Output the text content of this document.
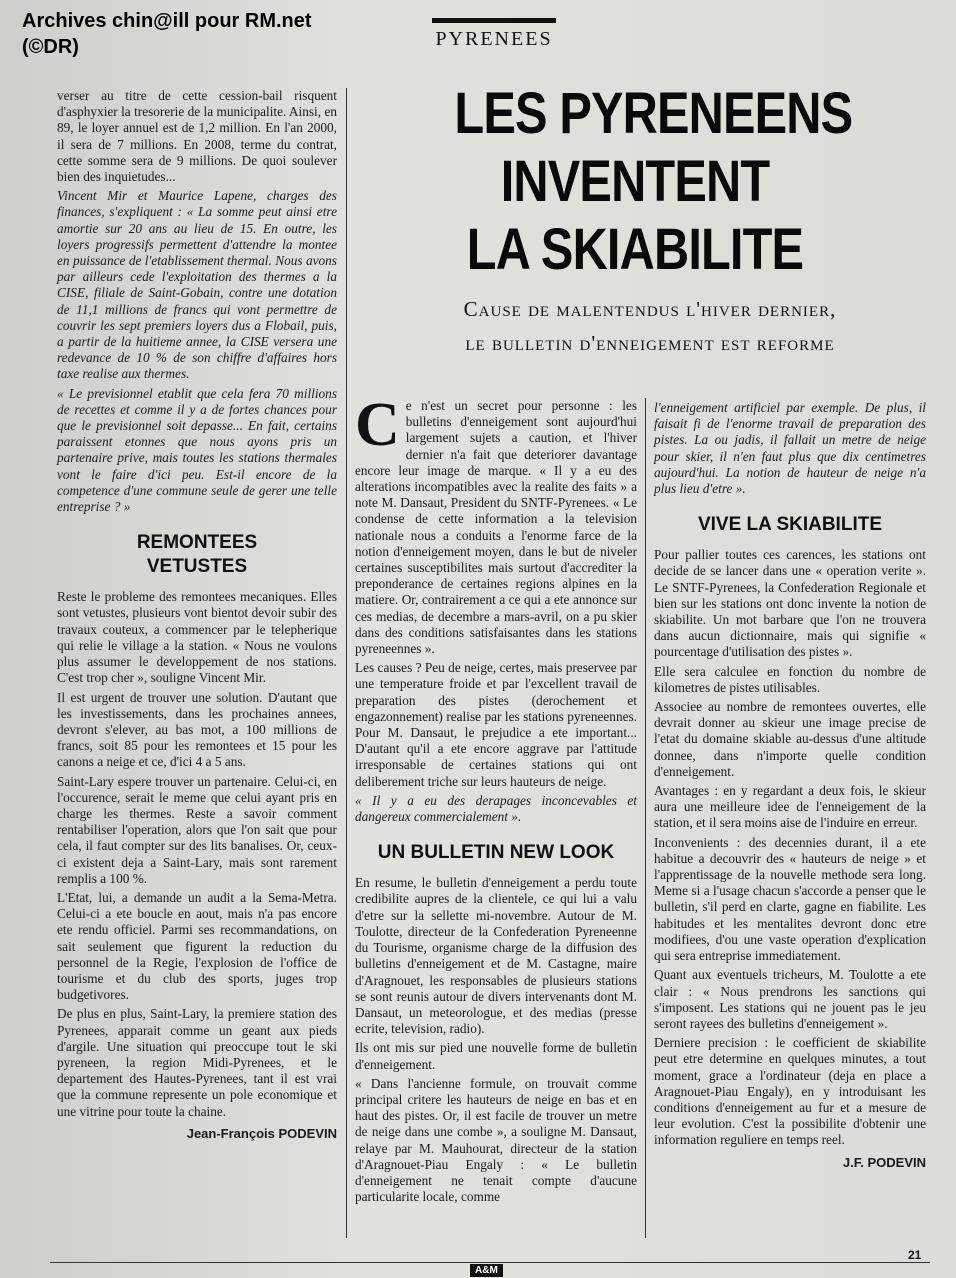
Archives chin@ill pour RM.net
(©DR)	PYRENEES
LES PYRENEENS
INVENTENT
LA SKIABILITE
Cause de malentendus l'hiver dernier,
le bulletin d'enneigement est reforme

verser au titre de cette cession-bail risquent d'asphyxier la tresorerie de la municipalite. Ainsi, en 89, le loyer annuel est de 1,2 million. En l'an 2000, il sera de 7 millions. En 2008, terme du contrat, cette somme sera de 9 millions. De quoi soulever bien des inquietudes...

Vincent Mir et Maurice Lapene, charges des finances, s'expliquent : « La somme peut ainsi etre amortie sur 20 ans au lieu de 15. En outre, les loyers progressifs permettent d'attendre la montee en puissance de l'etablissement thermal. Nous avons par ailleurs cede l'exploitation des thermes a la CISE, filiale de Saint-Gobain, contre une dotation de 11,1 millions de francs qui vont permettre de couvrir les sept premiers loyers dus a Flobail, puis, a partir de la huitieme annee, la CISE versera une redevance de 10 % de son chiffre d'affaires hors taxe realise aux thermes.

« Le previsionnel etablit que cela fera 70 millions de recettes et comme il y a de fortes chances pour que le previsionnel soit depasse... En fait, certains paraissent etonnes que nous ayons pris un partenaire prive, mais toutes les stations thermales vont le faire d'ici peu. Est-il encore de la competence d'une commune seule de gerer une telle entreprise ? »

REMONTEES
VETUSTES

Reste le probleme des remontees mecaniques. Elles sont vetustes, plusieurs vont bientot devoir subir des travaux couteux, a commencer par le telepherique qui relie le village a la station. « Nous ne voulons plus assumer le developpement de nos stations. C'est trop cher », souligne Vincent Mir.

Il est urgent de trouver une solution. D'autant que les investissements, dans les prochaines annees, devront s'elever, au bas mot, a 100 millions de francs, soit 85 pour les remontees et 15 pour les canons a neige et ce, d'ici 4 a 5 ans.

Saint-Lary espere trouver un partenaire. Celui-ci, en l'occurence, serait le meme que celui ayant pris en charge les thermes. Reste a savoir comment rentabiliser l'operation, alors que l'on sait que pour cela, il faut compter sur des lits banalises. Or, ceux-ci existent deja a Saint-Lary, mais sont rarement remplis a 100 %.

L'Etat, lui, a demande un audit a la Sema-Metra. Celui-ci a ete boucle en aout, mais n'a pas encore ete rendu officiel. Parmi ses recommandations, on sait seulement que figurent la reduction du personnel de la Regie, l'explosion de l'office de tourisme et du club des sports, juges trop budgetivores.

De plus en plus, Saint-Lary, la premiere station des Pyrenees, apparait comme un geant aux pieds d'argile. Une situation qui preoccupe tout le ski pyreneen, la region Midi-Pyrenees, et le departement des Hautes-Pyrenees, tant il est vrai que la commune represente un pole economique et une vitrine pour toute la chaine.

Jean-François PODEVIN

Ce n'est un secret pour personne : les bulletins d'enneigement sont aujourd'hui largement sujets a caution, et l'hiver dernier n'a fait que deteriorer davantage encore leur image de marque. « Il y a eu des alterations incompatibles avec la realite des faits » a note M. Dansaut, President du SNTF-Pyrenees. « Le condense de cette information a la television nationale nous a conduits a l'enorme farce de la notion d'enneigement moyen, dans le but de niveler certaines susceptibilites mais surtout d'accrediter la preponderance de certaines regions alpines en la matiere. Or, contrairement a ce qui a ete annonce sur ces medias, de decembre a mars-avril, on a pu skier dans des conditions satisfaisantes dans les stations pyreneennes ».

Les causes ? Peu de neige, certes, mais preservee par une temperature froide et par l'excellent travail de preparation des pistes (derochement et engazonnement) realise par les stations pyreneennes. Pour M. Dansaut, le prejudice a ete important... D'autant qu'il a ete encore aggrave par l'attitude irresponsable de certaines stations qui ont deliberement triche sur leurs hauteurs de neige.

« Il y a eu des derapages inconcevables et dangereux commercialement ».

UN BULLETIN NEW LOOK

En resume, le bulletin d'enneigement a perdu toute credibilite aupres de la clientele, ce qui lui a valu d'etre sur la sellette mi-novembre. Autour de M. Toulotte, directeur de la Confederation Pyreneenne du Tourisme, organisme charge de la diffusion des bulletins d'enneigement et de M. Castagne, maire d'Aragnouet, les responsables de plusieurs stations se sont reunis autour de divers intervenants dont M. Dansaut, un meteorologue, et des medias (presse ecrite, television, radio).

Ils ont mis sur pied une nouvelle forme de bulletin d'enneigement.

« Dans l'ancienne formule, on trouvait comme principal critere les hauteurs de neige en bas et en haut des pistes. Or, il est facile de trouver un metre de neige dans une combe », a souligne M. Dansaut, relaye par M. Mauhourat, directeur de la station d'Aragnouet-Piau Engaly : « Le bulletin d'enneigement ne tenait compte d'aucune particularite locale, comme

l'enneigement artificiel par exemple. De plus, il faisait fi de l'enorme travail de preparation des pistes. La ou jadis, il fallait un metre de neige pour skier, il n'en faut plus que dix centimetres aujourd'hui. La notion de hauteur de neige n'a plus lieu d'etre ».

VIVE LA SKIABILITE

Pour pallier toutes ces carences, les stations ont decide de se lancer dans une « operation verite ». Le SNTF-Pyrenees, la Confederation Regionale et bien sur les stations ont donc invente la notion de skiabilite. Un mot barbare que l'on ne trouvera dans aucun dictionnaire, mais qui signifie « pourcentage d'utilisation des pistes ».

Elle sera calculee en fonction du nombre de kilometres de pistes utilisables.

Associee au nombre de remontees ouvertes, elle devrait donner au skieur une image precise de l'etat du domaine skiable au-dessus d'une altitude donnee, dans n'importe quelle condition d'enneigement.

Avantages : en y regardant a deux fois, le skieur aura une meilleure idee de l'enneigement de la station, et il sera moins aise de l'induire en erreur.

Inconvenients : des decennies durant, il a ete habitue a decouvrir des « hauteurs de neige » et l'apprentissage de la nouvelle methode sera long. Meme si a l'usage chacun s'accorde a penser que le bulletin, s'il perd en clarte, gagne en fiabilite. Les habitudes et les mentalites devront donc etre modifiees, d'ou une vaste operation d'explication qui sera entreprise immediatement.

Quant aux eventuels tricheurs, M. Toulotte a ete clair : « Nous prendrons les sanctions qui s'imposent. Les stations qui ne jouent pas le jeu seront rayees des bulletins d'enneigement ».

Derniere precision : le coefficient de skiabilite peut etre determine en quelques minutes, a tout moment, grace a l'ordinateur (deja en place a Aragnouet-Piau Engaly), en y introduisant les conditions d'enneigement au fur et a mesure de leur evolution. C'est la possibilite d'obtenir une information reguliere en temps reel.

J.F. PODEVIN
A&M
21
